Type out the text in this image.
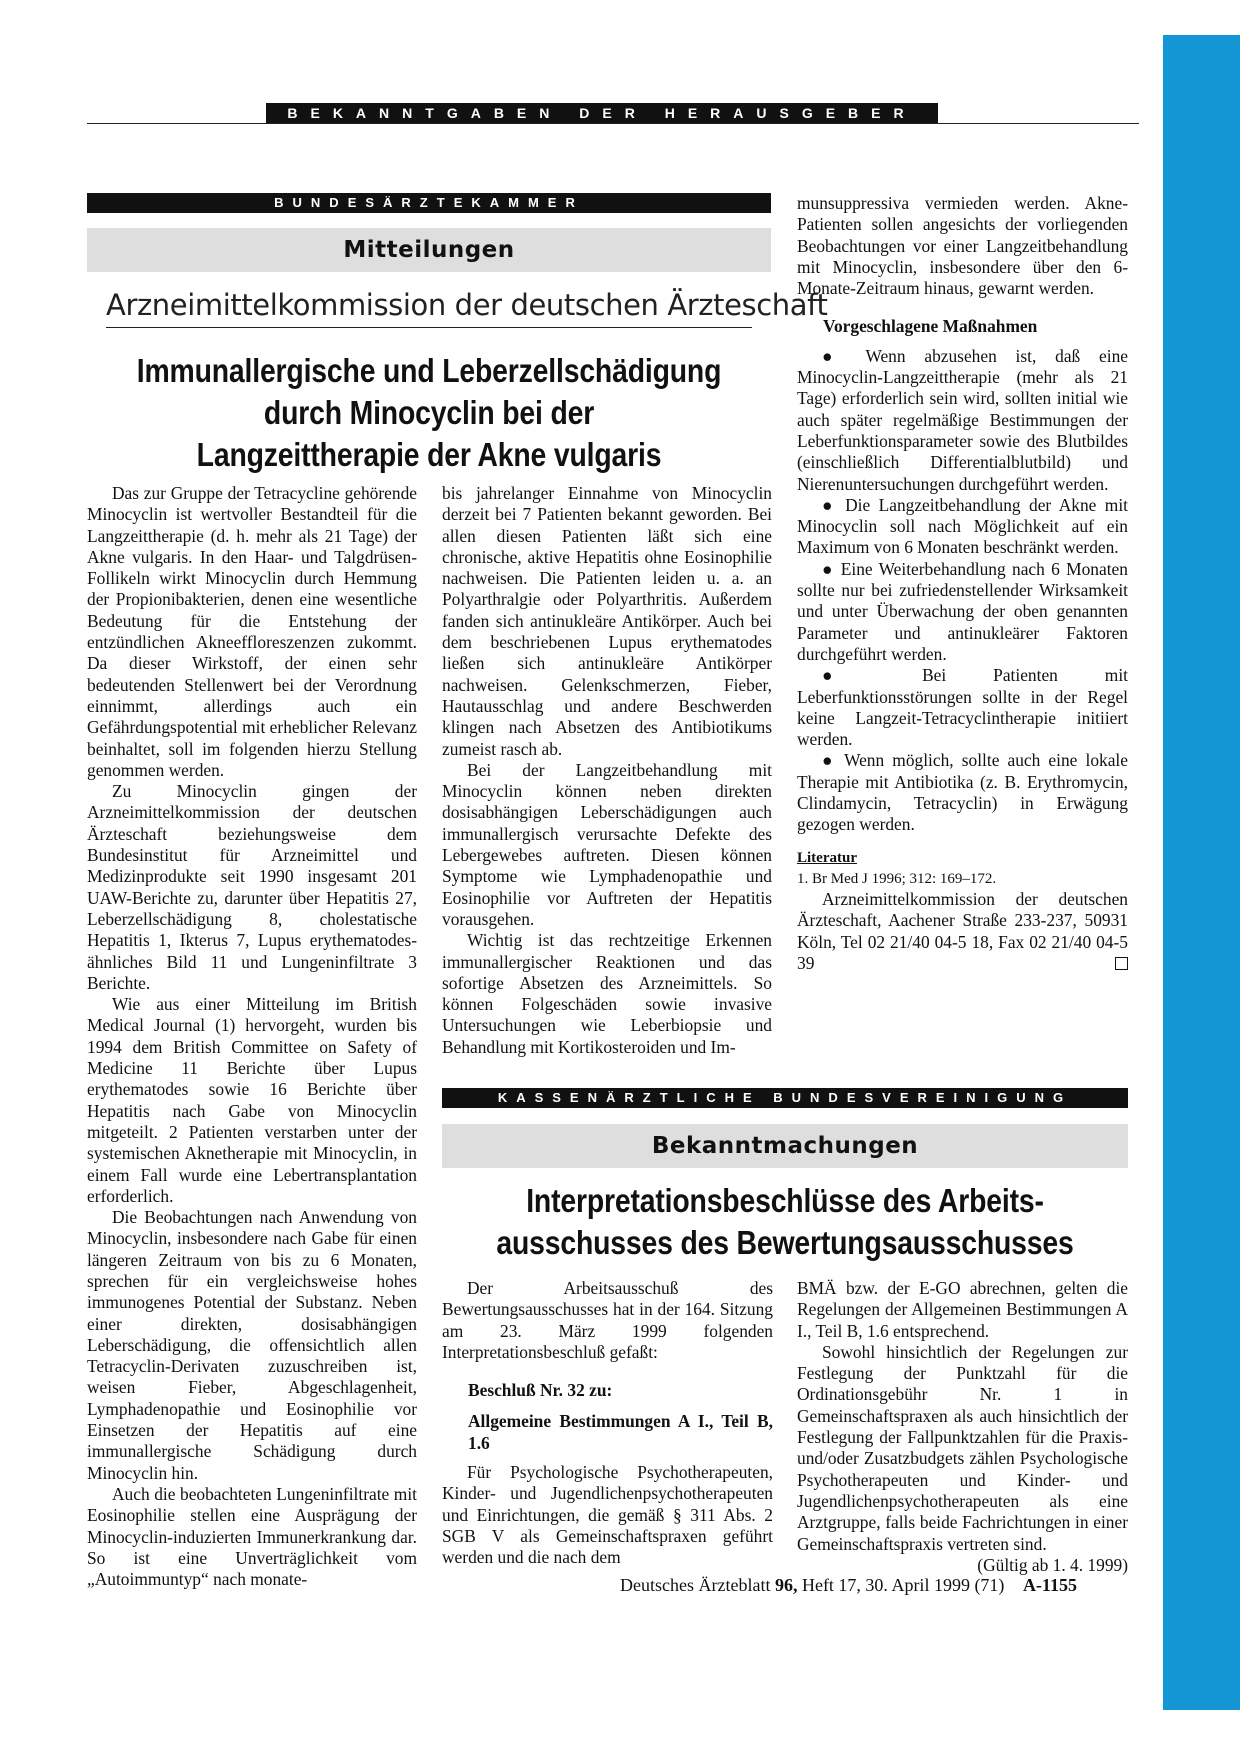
BEKANNTGABEN DER HERAUSGEBER
BUNDESÄRZTEKAMMER
Mitteilungen
Arzneimittelkommission der deutschen Ärzteschaft
Immunallergische und Leberzellschädigung
durch Minocyclin bei der
Langzeittherapie der Akne vulgaris

Das zur Gruppe der Tetracycline gehörende Minocyclin ist wertvoller Bestandteil für die Langzeittherapie (d. h. mehr als 21 Tage) der Akne vulgaris. In den Haar- und Talgdrüsen-Follikeln wirkt Minocyclin durch Hemmung der Propionibakterien, denen eine wesentliche Bedeutung für die Entstehung der entzündlichen Akneeffloreszenzen zukommt. Da dieser Wirkstoff, der einen sehr bedeutenden Stellenwert bei der Verordnung einnimmt, allerdings auch ein Gefährdungspotential mit erheblicher Relevanz beinhaltet, soll im folgenden hierzu Stellung genommen werden.

Zu Minocyclin gingen der Arzneimittelkommission der deutschen Ärzteschaft beziehungsweise dem Bundesinstitut für Arzneimittel und Medizinprodukte seit 1990 insgesamt 201 UAW-Berichte zu, darunter über Hepatitis 27, Leberzellschädigung 8, cholestatische Hepatitis 1, Ikterus 7, Lupus erythematodes-ähnliches Bild 11 und Lungeninfiltrate 3 Berichte.

Wie aus einer Mitteilung im British Medical Journal (1) hervorgeht, wurden bis 1994 dem British Committee on Safety of Medicine 11 Berichte über Lupus erythematodes sowie 16 Berichte über Hepatitis nach Gabe von Minocyclin mitgeteilt. 2 Patienten verstarben unter der systemischen Aknetherapie mit Minocyclin, in einem Fall wurde eine Lebertransplantation erforderlich.

Die Beobachtungen nach Anwendung von Minocyclin, insbesondere nach Gabe für einen längeren Zeitraum von bis zu 6 Monaten, sprechen für ein vergleichsweise hohes immunogenes Potential der Substanz. Neben einer direkten, dosisabhängigen Leberschädigung, die offensichtlich allen Tetracyclin-Derivaten zuzuschreiben ist, weisen Fieber, Abgeschlagenheit, Lymphadenopathie und Eosinophilie vor Einsetzen der Hepatitis auf eine immunallergische Schädigung durch Minocyclin hin.

Auch die beobachteten Lungeninfiltrate mit Eosinophilie stellen eine Ausprägung der Minocyclin-induzierten Immunerkrankung dar. So ist eine Unverträglichkeit vom „Autoimmuntyp“ nach monate-

bis jahrelanger Einnahme von Minocyclin derzeit bei 7 Patienten bekannt geworden. Bei allen diesen Patienten läßt sich eine chronische, aktive Hepatitis ohne Eosinophilie nachweisen. Die Patienten leiden u. a. an Polyarthralgie oder Polyarthritis. Außerdem fanden sich antinukleäre Antikörper. Auch bei dem beschriebenen Lupus erythematodes ließen sich antinukleäre Antikörper nachweisen. Gelenkschmerzen, Fieber, Hautausschlag und andere Beschwerden klingen nach Absetzen des Antibiotikums zumeist rasch ab.

Bei der Langzeitbehandlung mit Minocyclin können neben direkten dosisabhängigen Leberschädigungen auch immunallergisch verursachte Defekte des Lebergewebes auftreten. Diesen können Symptome wie Lymphadenopathie und Eosinophilie vor Auftreten der Hepatitis vorausgehen.

Wichtig ist das rechtzeitige Erkennen immunallergischer Reaktionen und das sofortige Absetzen des Arzneimittels. So können Folgeschäden sowie invasive Untersuchungen wie Leberbiopsie und Behandlung mit Kortikosteroiden und Im-

munsuppressiva vermieden werden. Akne-Patienten sollen angesichts der vorliegenden Beobachtungen vor einer Langzeitbehandlung mit Minocyclin, insbesondere über den 6-Monate-Zeitraum hinaus, gewarnt werden.

Vorgeschlagene Maßnahmen

● Wenn abzusehen ist, daß eine Minocyclin-Langzeittherapie (mehr als 21 Tage) erforderlich sein wird, sollten initial wie auch später regelmäßige Bestimmungen der Leberfunktionsparameter sowie des Blutbildes (einschließlich Differentialblutbild) und Nierenuntersuchungen durchgeführt werden.

● Die Langzeitbehandlung der Akne mit Minocyclin soll nach Möglichkeit auf ein Maximum von 6 Monaten beschränkt werden.

● Eine Weiterbehandlung nach 6 Monaten sollte nur bei zufriedenstellender Wirksamkeit und unter Überwachung der oben genannten Parameter und antinukleärer Faktoren durchgeführt werden.

●	Bei Patienten mit Leberfunktionsstörungen sollte in der Regel keine Langzeit-Tetracyclintherapie initiiert werden.

● Wenn möglich, sollte auch eine lokale Therapie mit Antibiotika (z. B. Erythromycin, Clindamycin, Tetracyclin) in Erwägung gezogen werden.

Literatur
1. Br Med J 1996; 312: 169–172.

Arzneimittelkommission der deutschen Ärzteschaft, Aachener Straße 233-237, 50931 Köln, Tel 02 21/40 04-5 18, Fax 02 21/40 04-5 39

KASSENÄRZTLICHE BUNDESVEREINIGUNG
Bekanntmachungen
Interpretationsbeschlüsse des Arbeits-
ausschusses des Bewertungsausschusses

Der Arbeitsausschuß des Bewertungsausschusses hat in der 164. Sitzung am 23. März 1999 folgenden Interpretationsbeschluß gefaßt:

Beschluß Nr. 32 zu:
Allgemeine Bestimmungen A I., Teil B, 1.6

Für Psychologische Psychotherapeuten, Kinder- und Jugendlichenpsychotherapeuten und Einrichtungen, die gemäß § 311 Abs. 2 SGB V als Gemeinschaftspraxen geführt werden und die nach dem

BMÄ bzw. der E-GO abrechnen, gelten die Regelungen der Allgemeinen Bestimmungen A I., Teil B, 1.6 entsprechend.

Sowohl hinsichtlich der Regelungen zur Festlegung der Punktzahl für die Ordinationsgebühr Nr. 1 in Gemeinschaftspraxen als auch hinsichtlich der Festlegung der Fallpunktzahlen für die Praxis- und/oder Zusatzbudgets zählen Psychologische Psychotherapeuten und Kinder- und Jugendlichenpsychotherapeuten als eine Arztgruppe, falls beide Fachrichtungen in einer Gemeinschaftspraxis vertreten sind.
(Gültig ab 1. 4. 1999)

Deutsches Ärzteblatt 96, Heft 17, 30. April 1999 (71) A-1155
